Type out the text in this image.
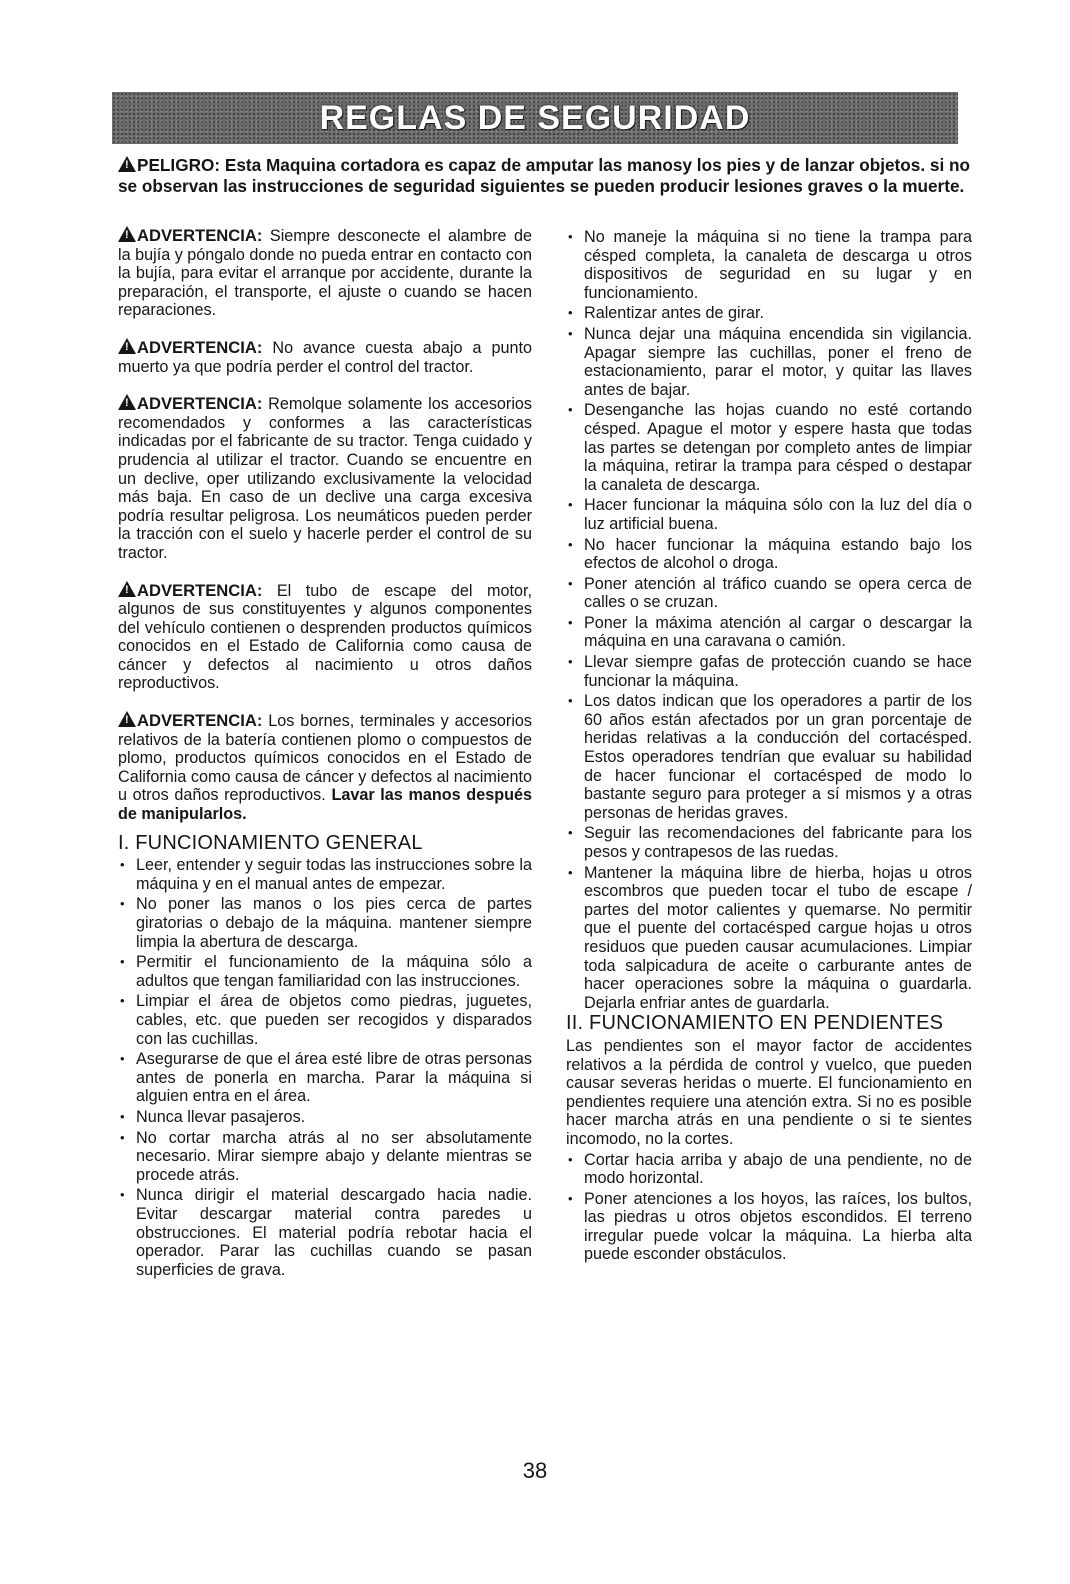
REGLAS DE SEGURIDAD
!PELIGRO: Esta Maquina cortadora es capaz de amputar las manosy los pies y de lanzar objetos. si no se observan las instrucciones de seguridad siguientes se pueden producir lesiones graves o la muerte.

!ADVERTENCIA: Siempre desconecte el alambre de la bujía y póngalo donde no pueda entrar en contacto con la bujía, para evitar el arranque por accidente, durante la preparación, el transporte, el ajuste o cuando se hacen reparaciones.

!ADVERTENCIA: No avance cuesta abajo a punto muerto ya que podría perder el control del tractor.

!ADVERTENCIA: Remolque solamente los accesorios recomendados y conformes a las características indicadas por el fabricante de su tractor. Tenga cuidado y prudencia al utilizar el tractor. Cuando se encuentre en un declive, oper utilizando exclusivamente la velocidad más baja. En caso de un declive una carga excesiva podría resultar peligrosa. Los neumáticos pueden perder la tracción con el suelo y hacerle perder el control de su tractor.

!ADVERTENCIA: El tubo de escape del motor, algunos de sus constituyentes y algunos componentes del vehículo contienen o desprenden productos químicos conocidos en el Estado de California como causa de cáncer y defectos al nacimiento u otros daños reproductivos.

!ADVERTENCIA: Los bornes, terminales y accesorios relativos de la batería contienen plomo o compuestos de plomo, productos químicos conocidos en el Estado de California como causa de cáncer y defectos al nacimiento u otros daños reproductivos. Lavar las manos después de manipularlos.

I. FUNCIONAMIENTO GENERAL
• Leer, entender y seguir todas las instrucciones sobre la máquina y en el manual antes de empezar.
• No poner las manos o los pies cerca de partes giratorias o debajo de la máquina. mantener siempre limpia la abertura de descarga.
• Permitir el funcionamiento de la máquina sólo a adultos que tengan familiaridad con las instrucciones.
• Limpiar el área de objetos como piedras, juguetes, cables, etc. que pueden ser recogidos y disparados con las cuchillas.
• Asegurarse de que el área esté libre de otras personas antes de ponerla en marcha. Parar la máquina si alguien entra en el área.
• Nunca llevar pasajeros.
• No cortar marcha atrás al no ser absolutamente necesario. Mirar siempre abajo y delante mientras se procede atrás.
• Nunca dirigir el material descargado hacia nadie. Evitar descargar material contra paredes u obstrucciones. El material podría rebotar hacia el operador. Parar las cuchillas cuando se pasan superficies de grava.
• No maneje la máquina si no tiene la trampa para césped completa, la canaleta de descarga u otros dispositivos de seguridad en su lugar y en funcionamiento.
• Ralentizar antes de girar.
• Nunca dejar una máquina encendida sin vigilancia. Apagar siempre las cuchillas, poner el freno de estacionamiento, parar el motor, y quitar las llaves antes de bajar.
• Desenganche las hojas cuando no esté cortando césped. Apague el motor y espere hasta que todas las partes se detengan por completo antes de limpiar la máquina, retirar la trampa para césped o destapar la canaleta de descarga.
• Hacer funcionar la máquina sólo con la luz del día o luz artificial buena.
• No hacer funcionar la máquina estando bajo los efectos de alcohol o droga.
• Poner atención al tráfico cuando se opera cerca de calles o se cruzan.
• Poner la máxima atención al cargar o descargar la máquina en una caravana o camión.
• Llevar siempre gafas de protección cuando se hace funcionar la máquina.
• Los datos indican que los operadores a partir de los 60 años están afectados por un gran porcentaje de heridas relativas a la conducción del cortacésped. Estos operadores tendrían que evaluar su habilidad de hacer funcionar el cortacésped de modo lo bastante seguro para proteger a sí mismos y a otras personas de heridas graves.
• Seguir las recomendaciones del fabricante para los pesos y contrapesos de las ruedas.
• Mantener la máquina libre de hierba, hojas u otros escombros que pueden tocar el tubo de escape / partes del motor calientes y quemarse. No permitir que el puente del cortacésped cargue hojas u otros residuos que pueden causar acumulaciones. Limpiar toda salpicadura de aceite o carburante antes de hacer operaciones sobre la máquina o guardarla. Dejarla enfriar antes de guardarla.
II. FUNCIONAMIENTO EN PENDIENTES

Las pendientes son el mayor factor de accidentes relativos a la pérdida de control y vuelco, que pueden causar severas heridas o muerte. El funcionamiento en pendientes requiere una atención extra. Si no es posible hacer marcha atrás en una pendiente o si te sientes incomodo, no la cortes.

• Cortar hacia arriba y abajo de una pendiente, no de modo horizontal.
• Poner atenciones a los hoyos, las raíces, los bultos, las piedras u otros objetos escondidos. El terreno irregular puede volcar la máquina. La hierba alta puede esconder obstáculos.
38
